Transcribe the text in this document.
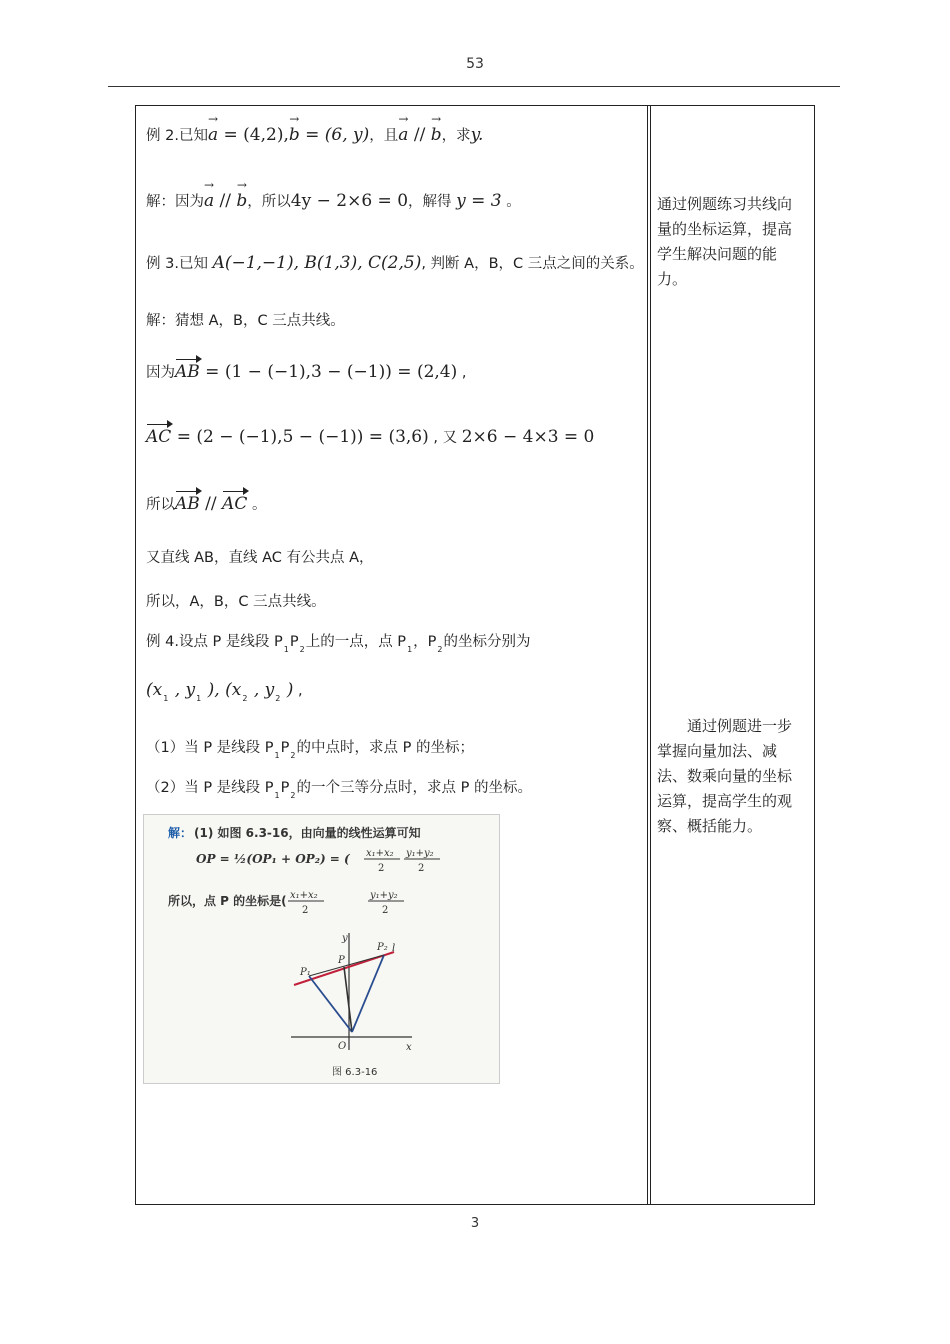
53
例 2.已知→ a = (4,2),→ b = (6, y)，且→ a // → b，求y.
解：因为→ a // → b，所以4y − 2×6 = 0，解得 y = 3 。
例 3.已知 A(−1,−1), B(1,3), C(2,5), 判断 A，B，C 三点之间的关系。
解：猜想 A，B，C 三点共线。
因为AB = (1 − (−1),3 − (−1)) = (2,4) ,
AC = (2 − (−1),5 − (−1)) = (3,6) , 又 2×6 − 4×3 = 0
所以AB // AC 。
又直线 AB，直线 AC 有公共点 A，
所以，A，B，C 三点共线。
例 4.设点 P 是线段 $P_1P_2$上的一点，点 $P_1$，$P_2$的坐标分别为
($x_1$ , $y_1$ ), ($x_2$ , $y_2$ ) ,
（1）当 P 是线段 $P_1P_2$的中点时，求点 P 的坐标；
（2）当 P 是线段 $P_1P_2$的一个三等分点时，求点 P 的坐标。
解： (1) 如图 6.3-16，由向量的线性运算可知
OP = ½(OP₁ + OP₂) = ( x₁+x₂
2
y₁+y₂
2
所以，点 P 的坐标是( x₁+x₂
2
y₁+y₂
2
x
y
O
l
P₁
P
P₂
图 6.3-16
通过例题练习共线向量的坐标运算，提高学生解决问题的能力。
通过例题进一步掌握向量加法、减法、数乘向量的坐标运算，提高学生的观察、概括能力。
3
